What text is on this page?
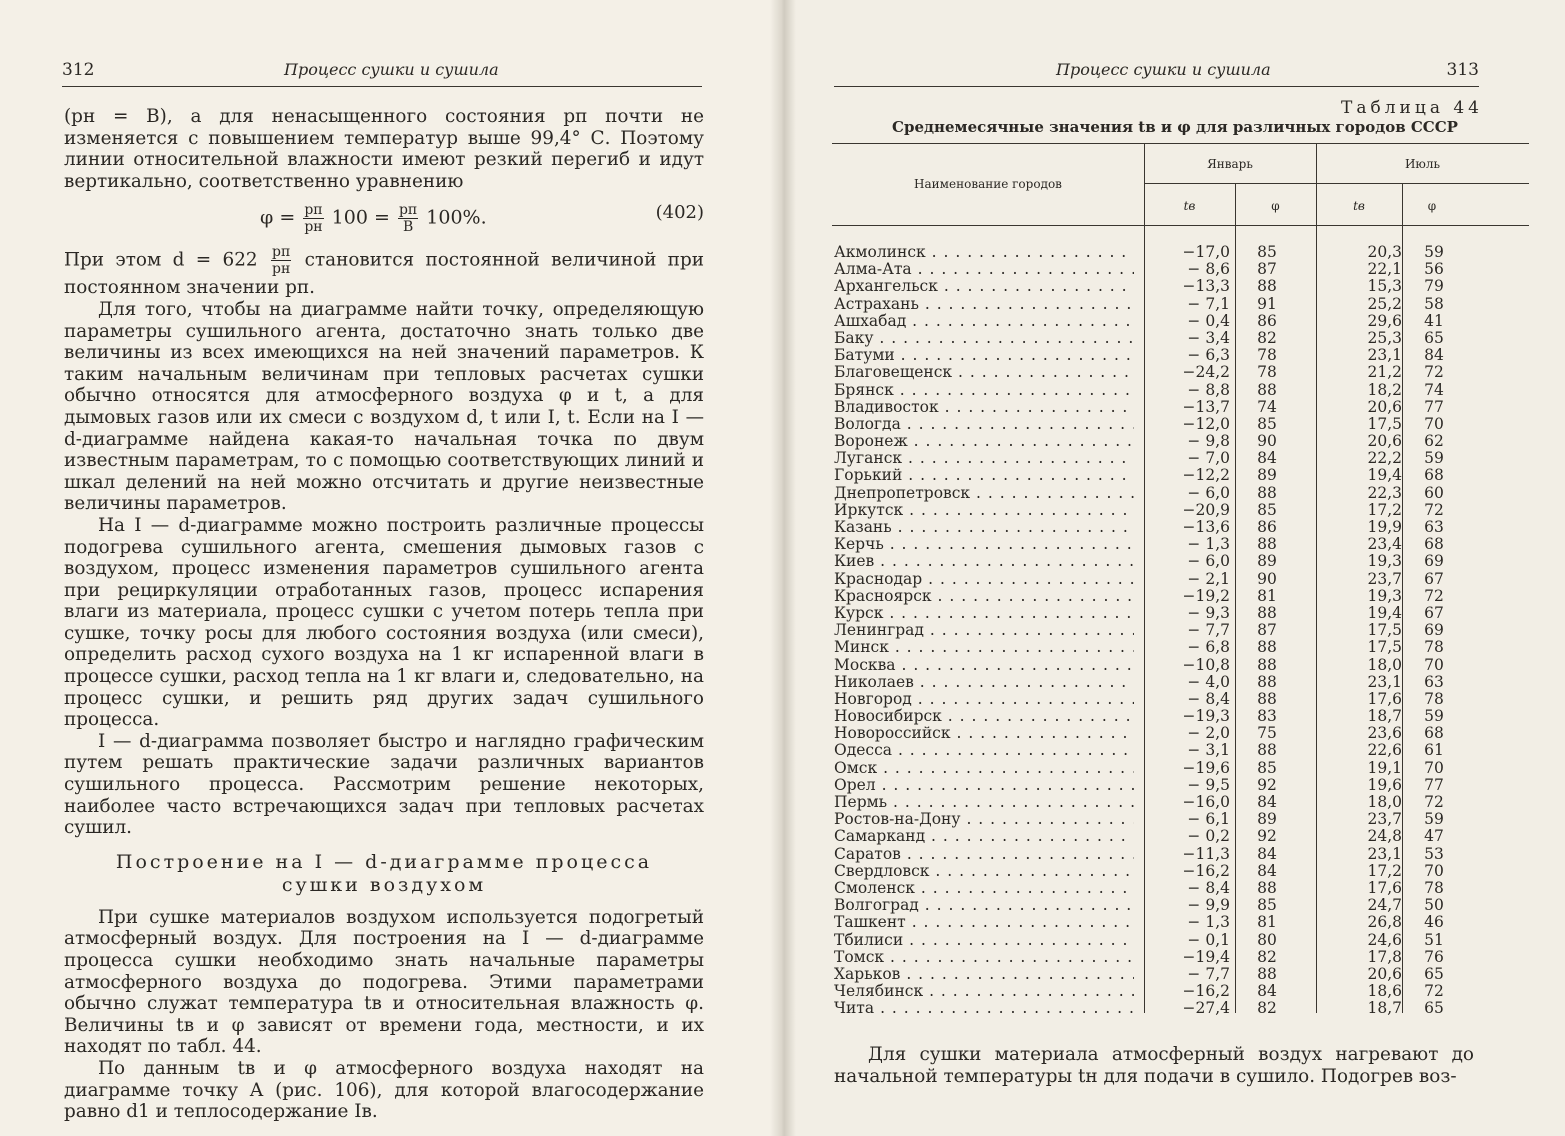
312	Процесс сушки и сушила

(pн = B), а для ненасыщенного состояния pп почти не изменяется с повышением температур выше 99,4° С. Поэтому линии относительной влажности имеют резкий перегиб и идут вертикально, соответственно уравнению

$\varphi = \frac{pп}{pн} 100 = \frac{pп}{B} 100\%$.	(402)

При этом $d = 622 \frac{pп}{pн}$ становится постоянной величиной при постоянном значении pп.

Для того, чтобы на диаграмме найти точку, определяющую параметры сушильного агента, достаточно знать только две величины из всех имеющихся на ней значений параметров. К таким начальным величинам при тепловых расчетах сушки обычно относятся для атмосферного воздуха φ и t, а для дымовых газов или их смеси с воздухом d, t или I, t. Если на I — d-диаграмме найдена какая-то начальная точка по двум известным параметрам, то с помощью соответствующих линий и шкал делений на ней можно отсчитать и другие неизвестные величины параметров.

На I — d-диаграмме можно построить различные процессы подогрева сушильного агента, смешения дымовых газов с воздухом, процесс изменения параметров сушильного агента при рециркуляции отработанных газов, процесс испарения влаги из материала, процесс сушки с учетом потерь тепла при сушке, точку росы для любого состояния воздуха (или смеси), определить расход сухого воздуха на 1 кг испаренной влаги в процессе сушки, расход тепла на 1 кг влаги и, следовательно, на процесс сушки, и решить ряд других задач сушильного процесса.

I — d-диаграмма позволяет быстро и наглядно графическим путем решать практические задачи различных вариантов сушильного процесса. Рассмотрим решение некоторых, наиболее часто встречающихся задач при тепловых расчетах сушил.

Построение на I — d-диаграмме процесса
сушки воздухом

При сушке материалов воздухом используется подогретый атмосферный воздух. Для построения на I — d-диаграмме процесса сушки необходимо знать начальные параметры атмосферного воздуха до подогрева. Этими параметрами обычно служат температура tв и относительная влажность φ. Величины tв и φ зависят от времени года, местности, и их находят по табл. 44.

По данным tв и φ атмосферного воздуха находят на диаграмме точку A (рис. 106), для которой влагосодержание равно d1 и теплосодержание Iв.

Процесс сушки и сушила	313
Таблица 44
Среднемесячные значения tв и φ для различных городов СССР
Наименование городов
Январь	Июль
tв	φ	tв	φ
Акмолинск . . .	−17,0	85	20,3	59
Алма-Ата . . .	− 8,6	87	22,1	56
Архангельск . . .	−13,3	88	15,3	79
Астрахань . . .	− 7,1	91	25,2	58
Ашхабад . . .	− 0,4	86	29,6	41
Баку . . .	− 3,4	82	25,3	65
Батуми . . .	− 6,3	78	23,1	84
Благовещенск . . .	−24,2	78	21,2	72
Брянск . . .	− 8,8	88	18,2	74
Владивосток . . .	−13,7	74	20,6	77
Вологда . . .	−12,0	85	17,5	70
Воронеж . . .	− 9,8	90	20,6	62
Луганск . . .	− 7,0	84	22,2	59
Горький . . .	−12,2	89	19,4	68
Днепропетровск . . .	− 6,0	88	22,3	60
Иркутск . . .	−20,9	85	17,2	72
Казань . . .	−13,6	86	19,9	63
Керчь . . .	− 1,3	88	23,4	68
Киев . . .	− 6,0	89	19,3	69
Краснодар . . .	− 2,1	90	23,7	67
Красноярск . . .	−19,2	81	19,3	72
Курск . . .	− 9,3	88	19,4	67
Ленинград . . .	− 7,7	87	17,5	69
Минск . . .	− 6,8	88	17,5	78
Москва . . .	−10,8	88	18,0	70
Николаев . . .	− 4,0	88	23,1	63
Новгород . . .	− 8,4	88	17,6	78
Новосибирск . . .	−19,3	83	18,7	59
Новороссийск . . .	− 2,0	75	23,6	68
Одесса . . .	− 3,1	88	22,6	61
Омск . . .	−19,6	85	19,1	70
Орел . . .	− 9,5	92	19,6	77
Пермь . . .	−16,0	84	18,0	72
Ростов-на-Дону . . .	− 6,1	89	23,7	59
Самарканд . . .	− 0,2	92	24,8	47
Саратов . . .	−11,3	84	23,1	53
Свердловск . . .	−16,2	84	17,2	70
Смоленск . . .	− 8,4	88	17,6	78
Волгоград . . .	− 9,9	85	24,7	50
Ташкент . . .	− 1,3	81	26,8	46
Тбилиси . . .	− 0,1	80	24,6	51
Томск . . .	−19,4	82	17,8	76
Харьков . . .	− 7,7	88	20,6	65
Челябинск . . .	−16,2	84	18,6	72
Чита . . .	−27,4	82	18,7	65

Для сушки материала атмосферный воздух нагревают до начальной температуры tн для подачи в сушило. Подогрев воз-
